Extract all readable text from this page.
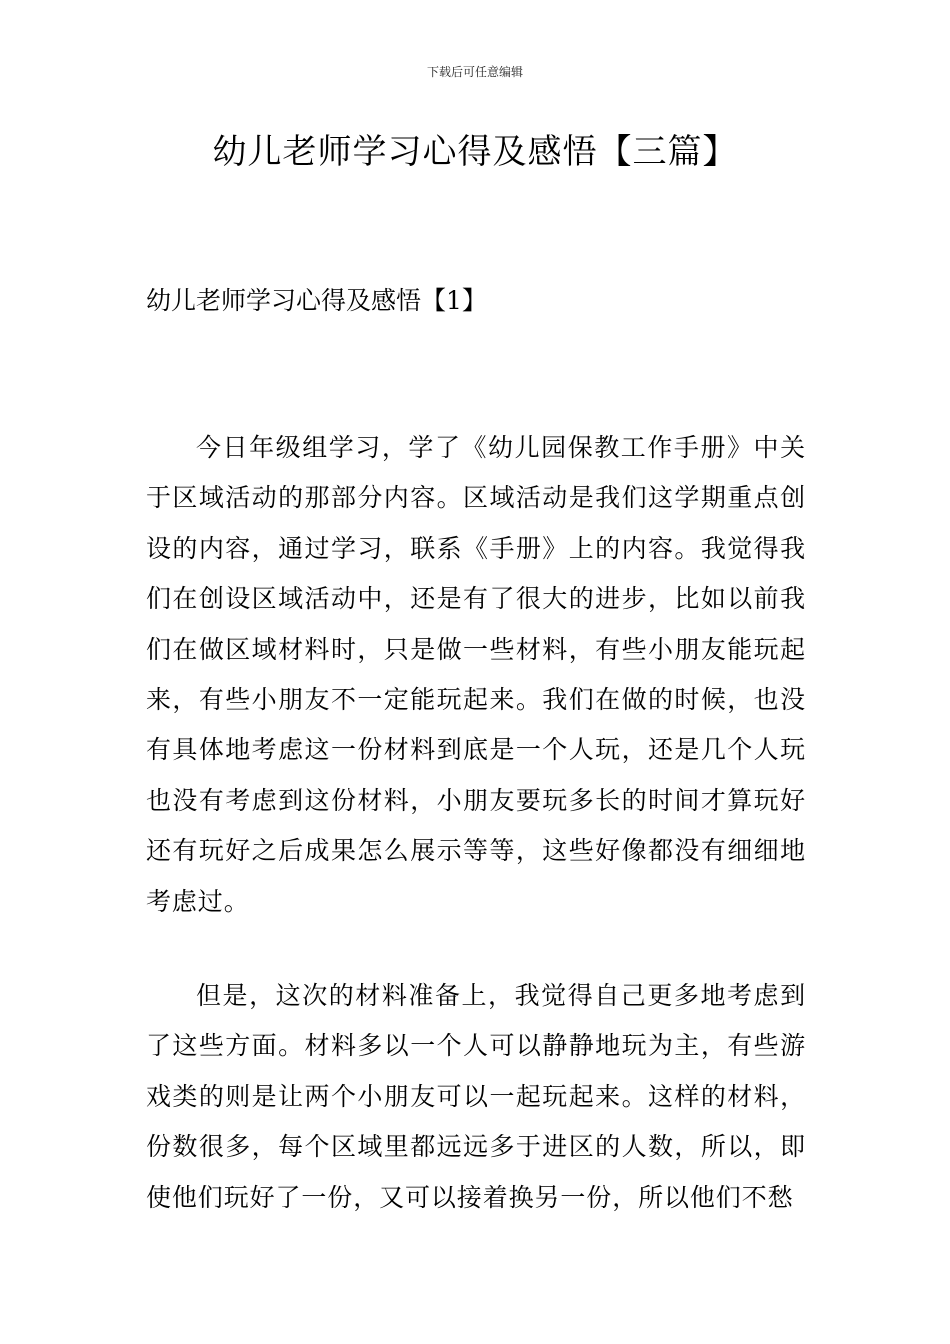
下载后可任意编辑
幼儿老师学习心得及感悟【三篇】
幼儿老师学习心得及感悟【1】

今日年级组学习，学了《幼儿园保教工作手册》中关于区域活动的那部分内容。区域活动是我们这学期重点创设的内容，通过学习，联系《手册》上的内容。我觉得我们在创设区域活动中，还是有了很大的进步，比如以前我们在做区域材料时，只是做一些材料，有些小朋友能玩起来，有些小朋友不一定能玩起来。我们在做的时候，也没有具体地考虑这一份材料到底是一个人玩，还是几个人玩也没有考虑到这份材料，小朋友要玩多长的时间才算玩好还有玩好之后成果怎么展示等等，这些好像都没有细细地考虑过。

但是，这次的材料准备上，我觉得自己更多地考虑到了这些方面。材料多以一个人可以静静地玩为主，有些游戏类的则是让两个小朋友可以一起玩起来。这样的材料，份数很多，每个区域里都远远多于进区的人数，所以，即使他们玩好了一份，又可以接着换另一份，所以他们不愁
